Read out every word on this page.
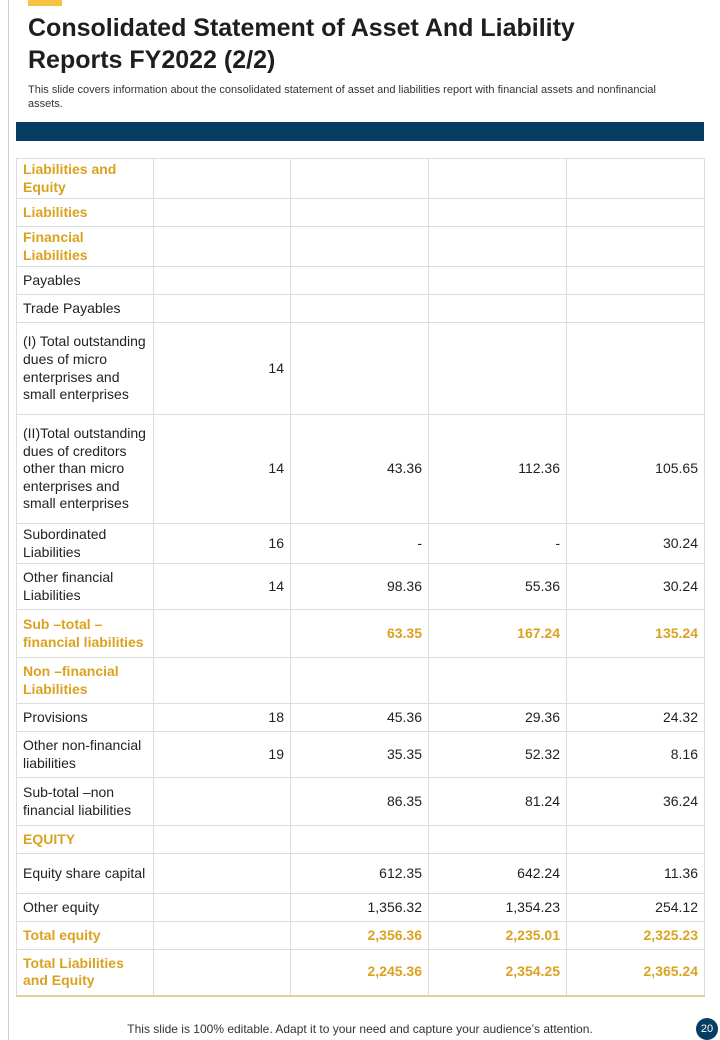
Consolidated Statement of Asset And Liability Reports FY2022 (2/2)
This slide covers information about the consolidated statement of asset and liabilities report with financial assets and nonfinancial assets.
Liabilities and Equity				
Liabilities				
Financial Liabilities				
Payables				
Trade Payables				
(I) Total outstanding dues of micro enterprises and small enterprises	14			
(II)Total outstanding dues of creditors other than micro enterprises and small enterprises	14	43.36	112.36	105.65
Subordinated Liabilities	16	-	-	30.24
Other financial Liabilities	14	98.36	55.36	30.24
Sub –total – financial liabilities		63.35	167.24	135.24
Non –financial Liabilities				
Provisions	18	45.36	29.36	24.32
Other non-financial liabilities	19	35.35	52.32	8.16
Sub-total –non financial liabilities		86.35	81.24	36.24
EQUITY				
Equity share capital		612.35	642.24	11.36
Other equity		1,356.32	1,354.23	254.12
Total equity		2,356.36	2,235.01	2,325.23
Total Liabilities and Equity		2,245.36	2,354.25	2,365.24
This slide is 100% editable. Adapt it to your need and capture your audience’s attention.	20
